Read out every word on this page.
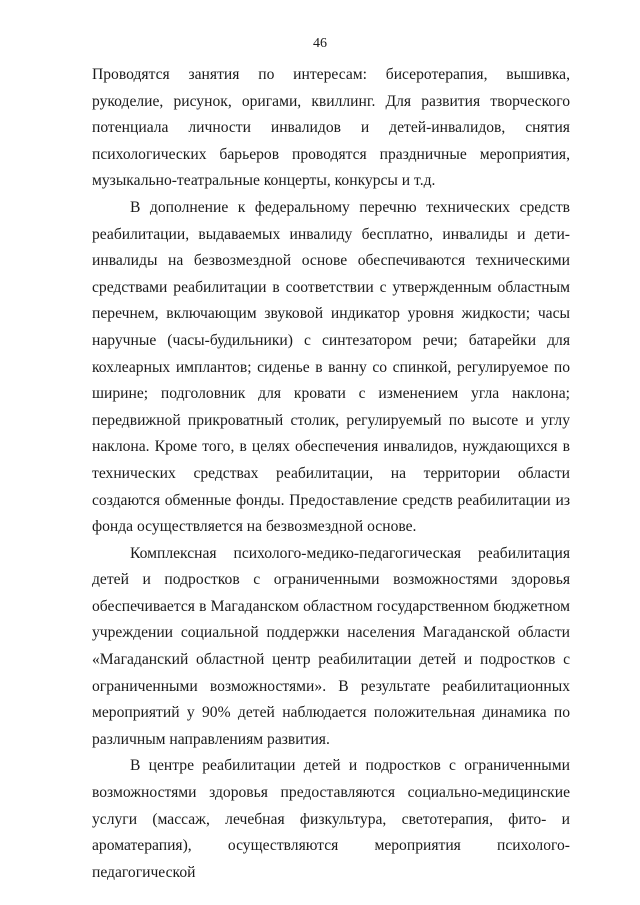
46

Проводятся занятия по интересам: бисеротерапия, вышивка, рукоделие, рисунок, оригами, квиллинг. Для развития творческого потенциала личности инвалидов и детей-инвалидов, снятия психологических барьеров проводятся праздничные мероприятия, музыкально-театральные концерты, конкурсы и т.д.

В дополнение к федеральному перечню технических средств реабилитации, выдаваемых инвалиду бесплатно, инвалиды и дети-инвалиды на безвозмездной основе обеспечиваются техническими средствами реабилитации в соответствии с утвержденным областным перечнем, включающим звуковой индикатор уровня жидкости; часы наручные (часы-будильники) с синтезатором речи; батарейки для кохлеарных имплантов; сиденье в ванну со спинкой, регулируемое по ширине; подголовник для кровати с изменением угла наклона; передвижной прикроватный столик, регулируемый по высоте и углу наклона. Кроме того, в целях обеспечения инвалидов, нуждающихся в технических средствах реабилитации, на территории области создаются обменные фонды. Предоставление средств реабилитации из фонда осуществляется на безвозмездной основе.

Комплексная психолого-медико-педагогическая реабилитация детей и подростков с ограниченными возможностями здоровья обеспечивается в Магаданском областном государственном бюджетном учреждении социальной поддержки населения Магаданской области «Магаданский областной центр реабилитации детей и подростков с ограниченными возможностями». В результате реабилитационных мероприятий у 90% детей наблюдается положительная динамика по различным направлениям развития.

В центре реабилитации детей и подростков с ограниченными возможностями здоровья предоставляются социально-медицинские услуги (массаж, лечебная физкультура, светотерапия, фито- и ароматерапия), осуществляются мероприятия психолого-педагогической
